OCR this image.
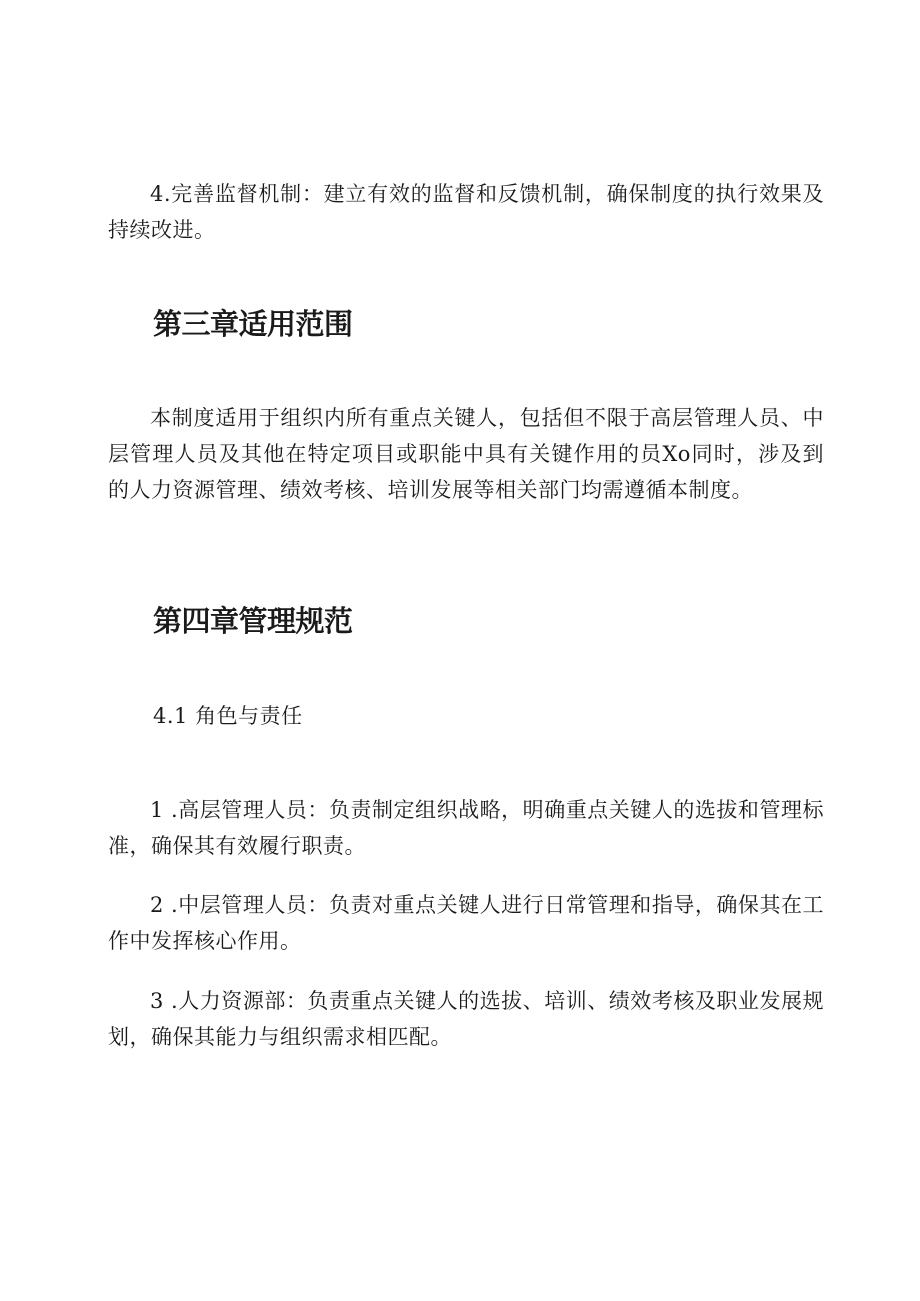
4.完善监督机制：建立有效的监督和反馈机制，确保制度的执行效果及持续改进。

第三章适用范围

本制度适用于组织内所有重点关键人，包括但不限于高层管理人员、中层管理人员及其他在特定项目或职能中具有关键作用的员Xo同时，涉及到的人力资源管理、绩效考核、培训发展等相关部门均需遵循本制度。

第四章管理规范

4.1 角色与责任

1 .高层管理人员：负责制定组织战略，明确重点关键人的选拔和管理标准，确保其有效履行职责。

2 .中层管理人员：负责对重点关键人进行日常管理和指导，确保其在工作中发挥核心作用。

3 .人力资源部：负责重点关键人的选拔、培训、绩效考核及职业发展规划，确保其能力与组织需求相匹配。
